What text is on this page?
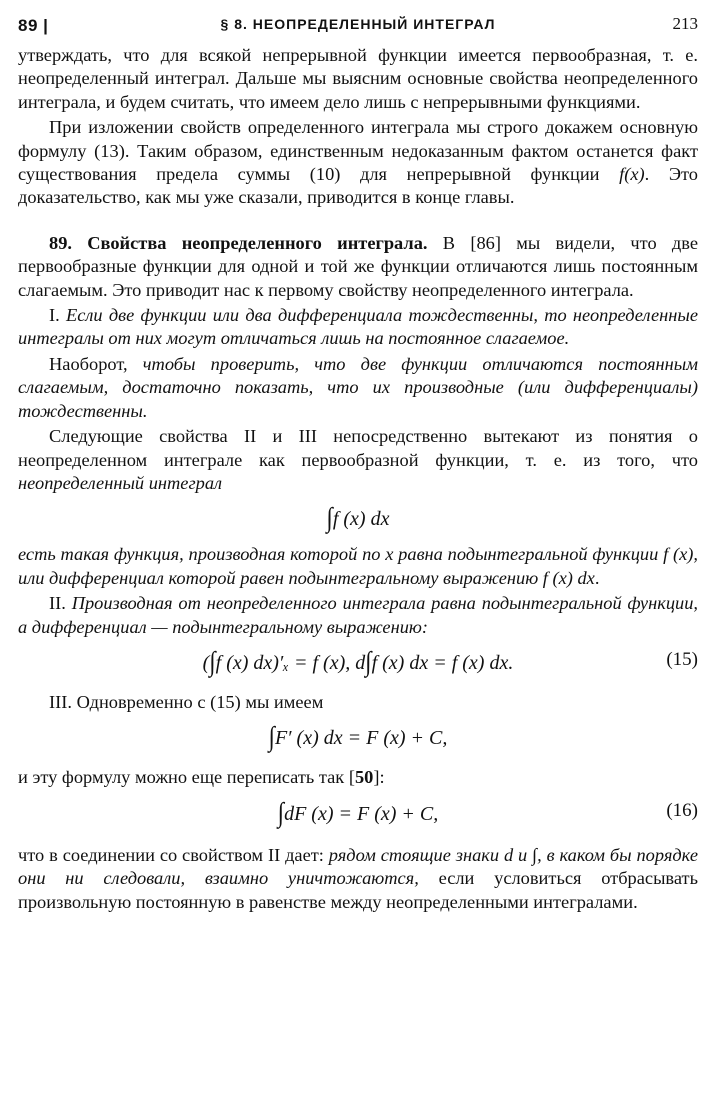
89 |	§ 8. НЕОПРЕДЕЛЕННЫЙ ИНТЕГРАЛ	213

утверждать, что для всякой непрерывной функции имеется первообразная, т. е. неопределенный интеграл. Дальше мы выясним основные свойства неопределенного интеграла, и будем считать, что имеем дело лишь с непрерывными функциями.

При изложении свойств определенного интеграла мы строго докажем основную формулу (13). Таким образом, единственным недоказанным фактом останется факт существования предела суммы (10) для непрерывной функции f(x). Это доказательство, как мы уже сказали, приводится в конце главы.

89. Свойства неопределенного интеграла. В [86] мы видели, что две первообразные функции для одной и той же функции отличаются лишь постоянным слагаемым. Это приводит нас к первому свойству неопределенного интеграла.

I. Если две функции или два дифференциала тождественны, то неопределенные интегралы от них могут отличаться лишь на постоянное слагаемое.

Наоборот, чтобы проверить, что две функции отличаются постоянным слагаемым, достаточно показать, что их производные (или дифференциалы) тождественны.

Следующие свойства II и III непосредственно вытекают из понятия о неопределенном интеграле как первообразной функции, т. е. из того, что неопределенный интеграл

∫f (x) dx

есть такая функция, производная которой по x равна подынтегральной функции f (x), или дифференциал которой равен подынтегральному выражению f (x) dx.

II. Производная от неопределенного интеграла равна подынтегральной функции, а дифференциал — подынтегральному выражению:

(∫f (x) dx)′ₓ = f (x), d∫f (x) dx = f (x) dx.	(15)

III. Одновременно с (15) мы имеем

∫F′ (x) dx = F (x) + C,

и эту формулу можно еще переписать так [50]:

∫dF (x) = F (x) + C,	(16)

что в соединении со свойством II дает: рядом стоящие знаки d и ∫, в каком бы порядке они ни следовали, взаимно уничтожаются, если условиться отбрасывать произвольную постоянную в равенстве между неопределенными интегралами.
